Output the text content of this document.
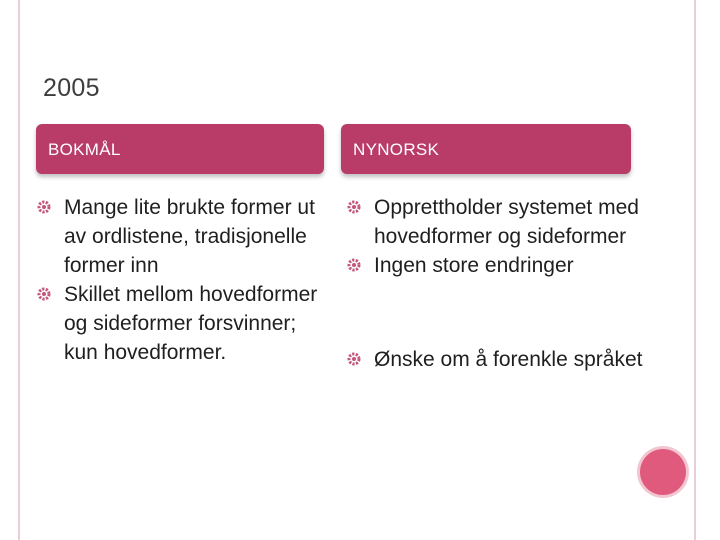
2005
BOKMÅL	NYNORSK
Mange lite brukte former ut av ordlistene, tradisjonelle former inn
Skillet mellom hovedformer og sideformer forsvinner; kun hovedformer.
Opprettholder systemet med hovedformer og sideformer
Ingen store endringer
Ønske om å forenkle språket
